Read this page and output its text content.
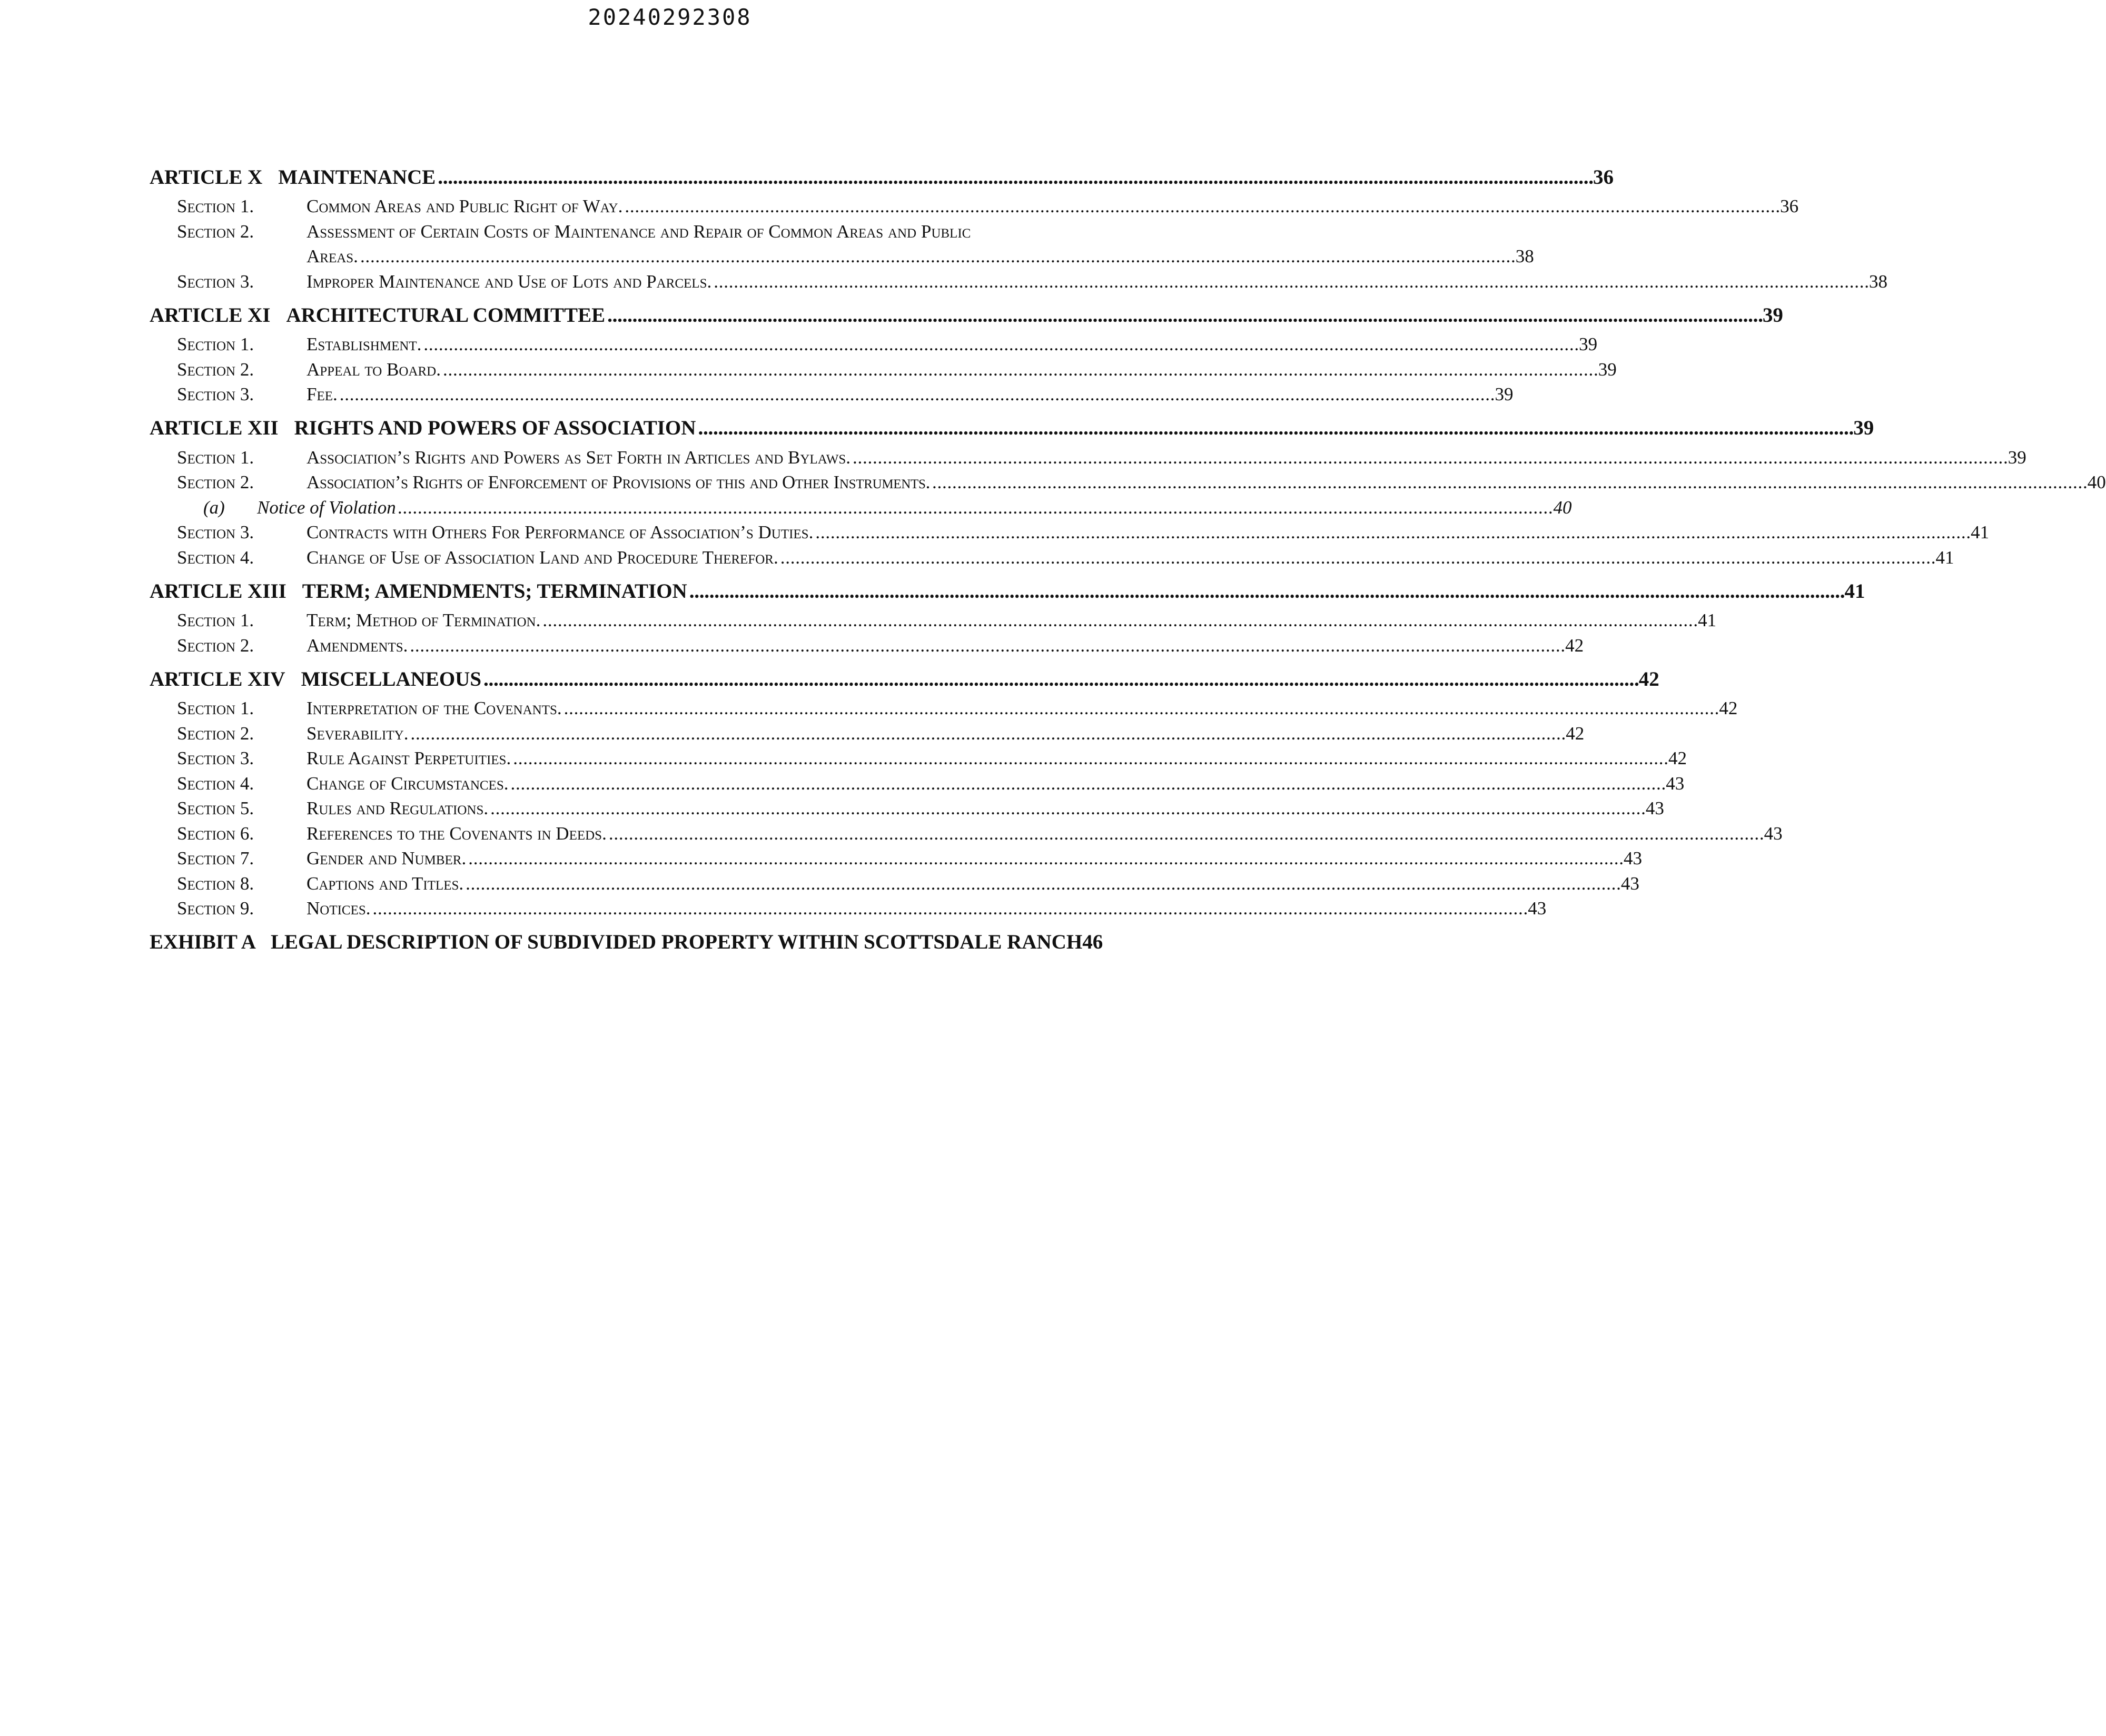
20240292308
ARTICLE X MAINTENANCE . . .	36
Section 1.	Common Areas and Public Right of Way. . . .	36
Section 2.	Assessment of Certain Costs of Maintenance and Repair of Common Areas and Public
Areas. . . .	38
Section 3.	Improper Maintenance and Use of Lots and Parcels. . . .	38
ARTICLE XI ARCHITECTURAL COMMITTEE . . .	39
Section 1.	Establishment. . . .	39
Section 2.	Appeal to Board. . . .	39
Section 3.	Fee. . . .	39
ARTICLE XII RIGHTS AND POWERS OF ASSOCIATION . . .	39
Section 1.	Association’s Rights and Powers as Set Forth in Articles and Bylaws. . . .	39
Section 2.	Association’s Rights of Enforcement of Provisions of this and Other Instruments. . . .	40
(a)	Notice of Violation . . .	40
Section 3.	Contracts with Others For Performance of Association’s Duties. . . .	41
Section 4.	Change of Use of Association Land and Procedure Therefor. . . .	41
ARTICLE XIII TERM; AMENDMENTS; TERMINATION . . .	41
Section 1.	Term; Method of Termination. . . .	41
Section 2.	Amendments. . . .	42
ARTICLE XIV MISCELLANEOUS . . .	42
Section 1.	Interpretation of the Covenants. . . .	42
Section 2.	Severability. . . .	42
Section 3.	Rule Against Perpetuities. . . .	42
Section 4.	Change of Circumstances. . . .	43
Section 5.	Rules and Regulations. . . .	43
Section 6.	References to the Covenants in Deeds. . . .	43
Section 7.	Gender and Number. . . .	43
Section 8.	Captions and Titles. . . .	43
Section 9.	Notices. . . .	43
EXHIBIT A LEGAL DESCRIPTION OF SUBDIVIDED PROPERTY WITHIN SCOTTSDALE RANCH 46
